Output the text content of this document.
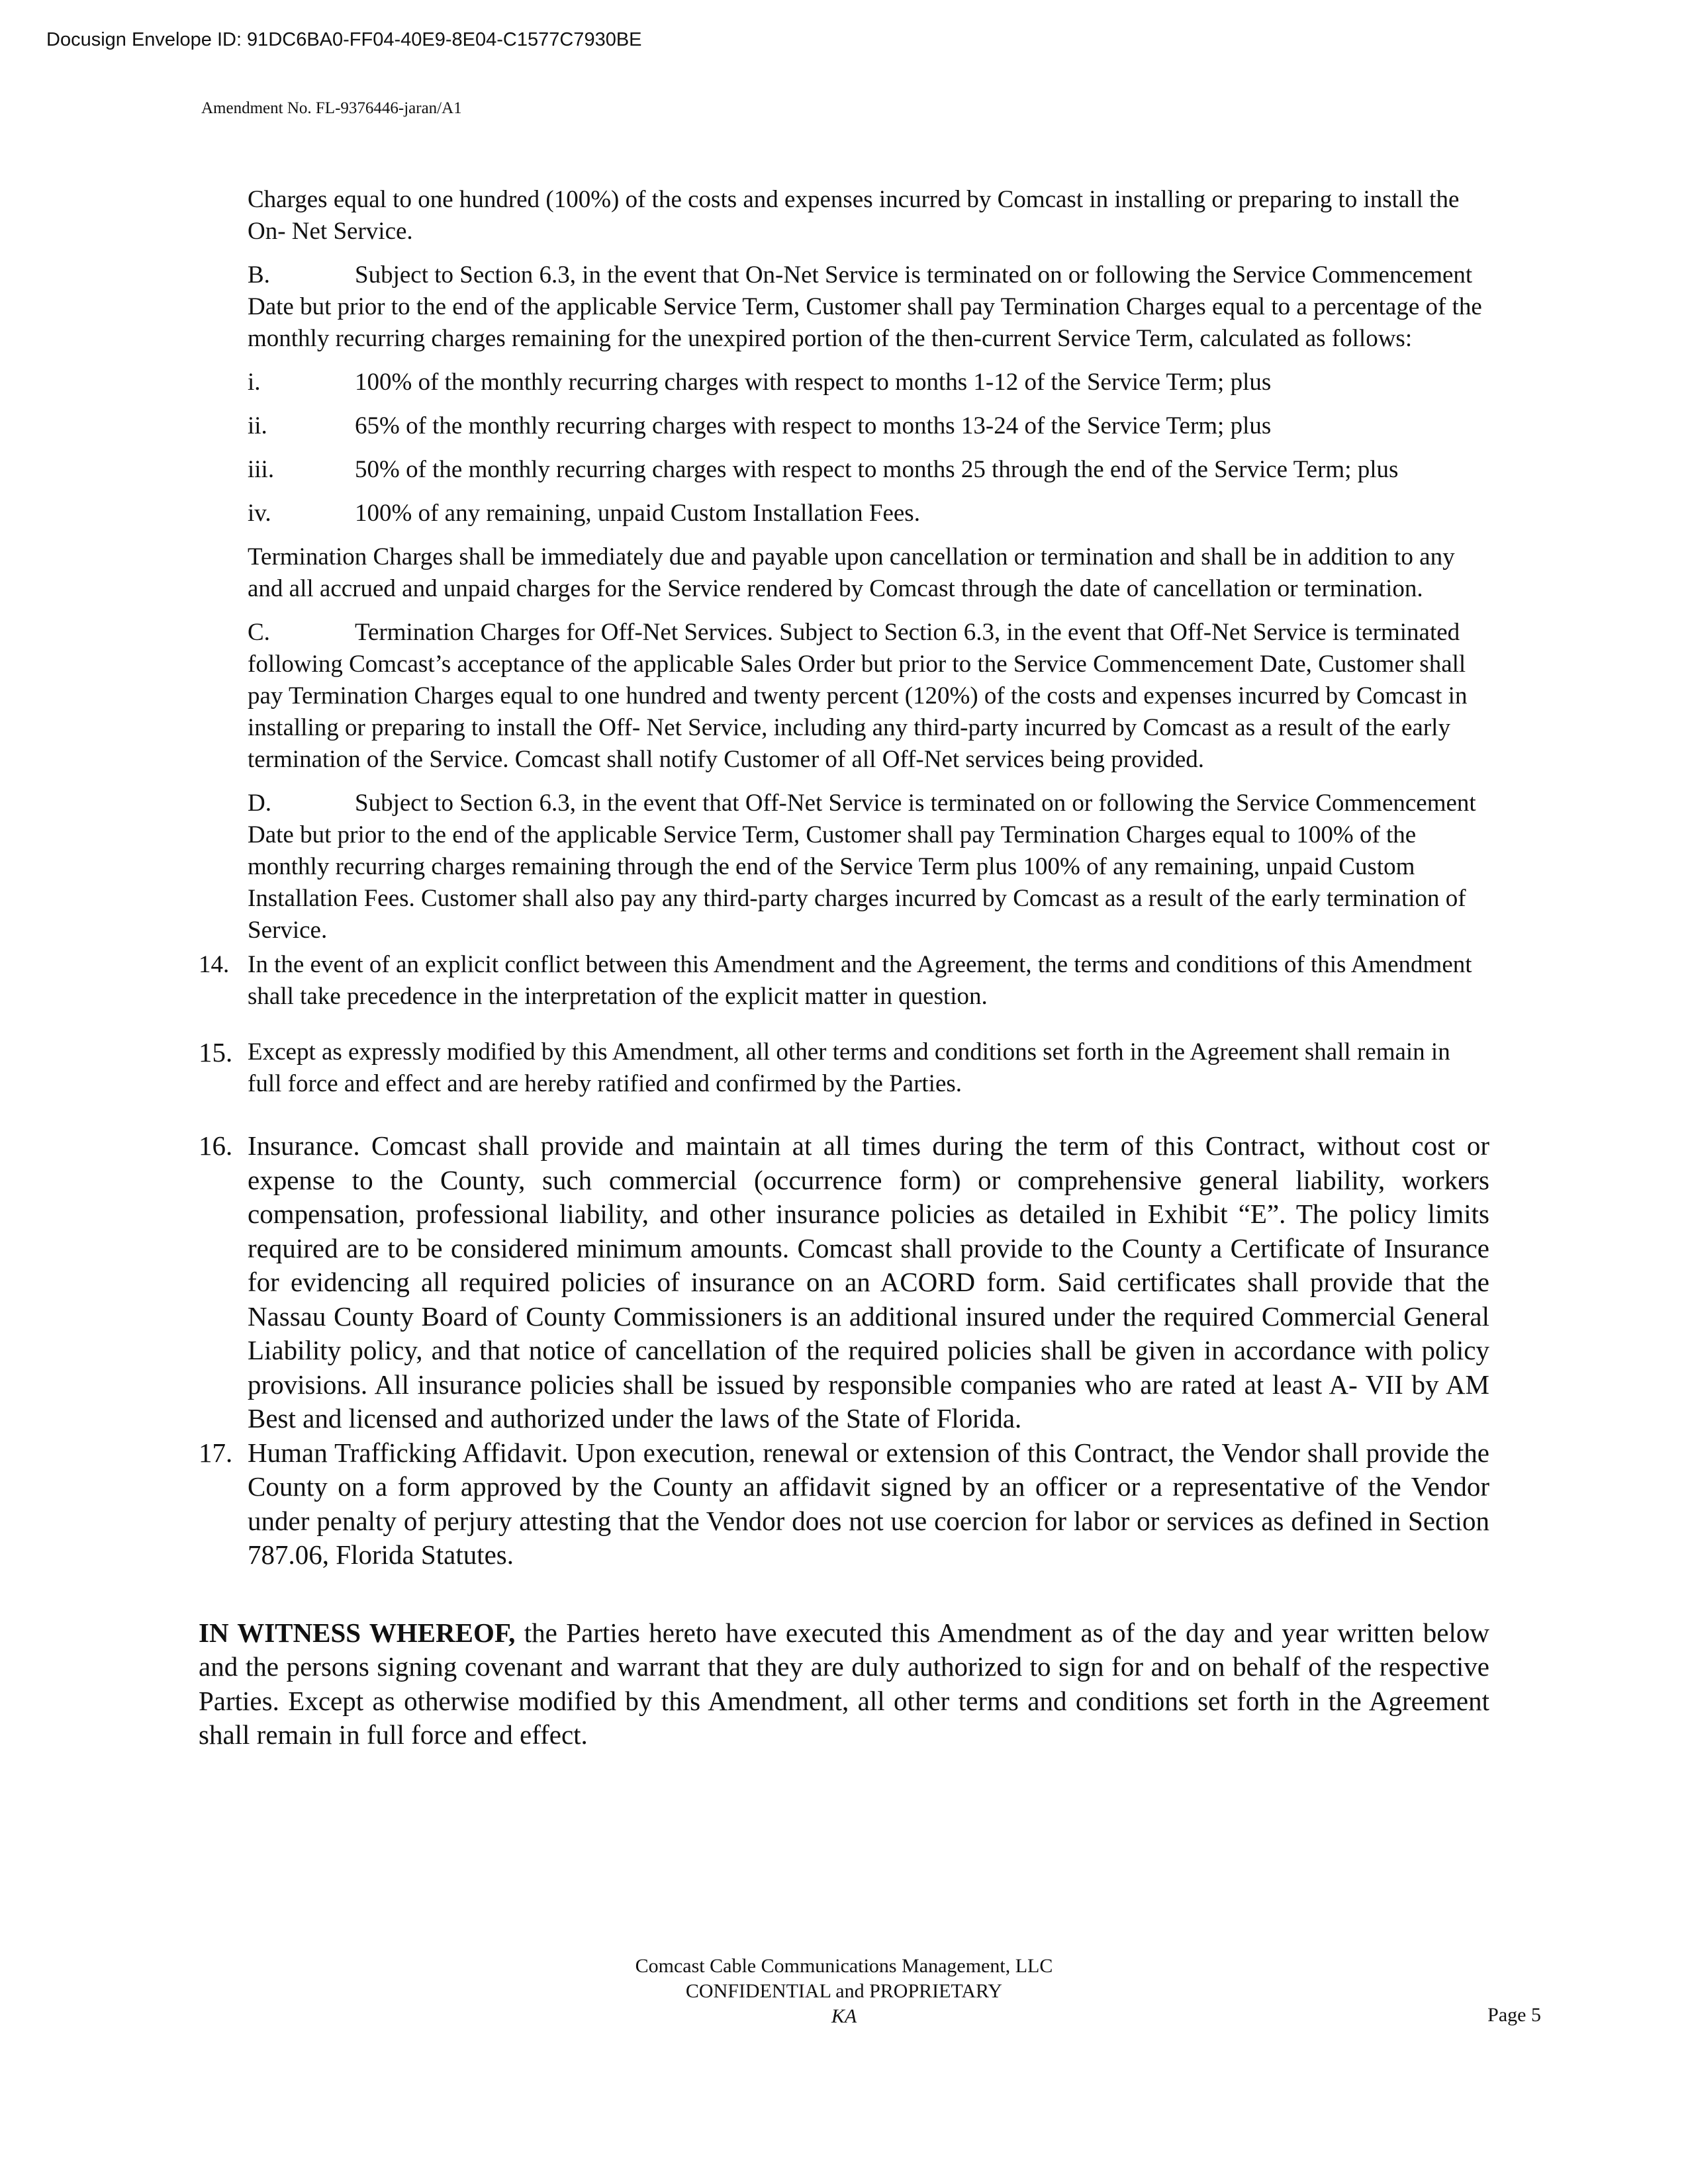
Docusign Envelope ID: 91DC6BA0-FF04-40E9-8E04-C1577C7930BE
Amendment No. FL-9376446-jaran/A1

Charges equal to one hundred (100%) of the costs and expenses incurred by Comcast in installing or preparing to install the On- Net Service.

B.	Subject to Section 6.3, in the event that On-Net Service is terminated on or following the Service Commencement Date but prior to the end of the applicable Service Term, Customer shall pay Termination Charges equal to a percentage of the monthly recurring charges remaining for the unexpired portion of the then-current Service Term, calculated as follows:

i.	100% of the monthly recurring charges with respect to months 1-12 of the Service Term; plus
ii.	65% of the monthly recurring charges with respect to months 13-24 of the Service Term; plus
iii.	50% of the monthly recurring charges with respect to months 25 through the end of the Service Term; plus
iv.	100% of any remaining, unpaid Custom Installation Fees.

Termination Charges shall be immediately due and payable upon cancellation or termination and shall be in addition to any and all accrued and unpaid charges for the Service rendered by Comcast through the date of cancellation or termination.

C.	Termination Charges for Off-Net Services. Subject to Section 6.3, in the event that Off-Net Service is terminated following Comcast’s acceptance of the applicable Sales Order but prior to the Service Commencement Date, Customer shall pay Termination Charges equal to one hundred and twenty percent (120%) of the costs and expenses incurred by Comcast in installing or preparing to install the Off- Net Service, including any third-party incurred by Comcast as a result of the early termination of the Service. Comcast shall notify Customer of all Off-Net services being provided.

D.	Subject to Section 6.3, in the event that Off-Net Service is terminated on or following the Service Commencement Date but prior to the end of the applicable Service Term, Customer shall pay Termination Charges equal to 100% of the monthly recurring charges remaining through the end of the Service Term plus 100% of any remaining, unpaid Custom Installation Fees. Customer shall also pay any third-party charges incurred by Comcast as a result of the early termination of Service.

14. In the event of an explicit conflict between this Amendment and the Agreement, the terms and conditions of this Amendment shall take precedence in the interpretation of the explicit matter in question.
15. Except as expressly modified by this Amendment, all other terms and conditions set forth in the Agreement shall remain in full force and effect and are hereby ratified and confirmed by the Parties.
16. Insurance. Comcast shall provide and maintain at all times during the term of this Contract, without cost or expense to the County, such commercial (occurrence form) or comprehensive general liability, workers compensation, professional liability, and other insurance policies as detailed in Exhibit “E”. The policy limits required are to be considered minimum amounts. Comcast shall provide to the County a Certificate of Insurance for evidencing all required policies of insurance on an ACORD form. Said certificates shall provide that the Nassau County Board of County Commissioners is an additional insured under the required Commercial General Liability policy, and that notice of cancellation of the required policies shall be given in accordance with policy provisions. All insurance policies shall be issued by responsible companies who are rated at least A- VII by AM Best and licensed and authorized under the laws of the State of Florida.
17. Human Trafficking Affidavit. Upon execution, renewal or extension of this Contract, the Vendor shall provide the County on a form approved by the County an affidavit signed by an officer or a representative of the Vendor under penalty of perjury attesting that the Vendor does not use coercion for labor or services as defined in Section 787.06, Florida Statutes.

IN WITNESS WHEREOF, the Parties hereto have executed this Amendment as of the day and year written below and the persons signing covenant and warrant that they are duly authorized to sign for and on behalf of the respective Parties. Except as otherwise modified by this Amendment, all other terms and conditions set forth in the Agreement shall remain in full force and effect.

Comcast Cable Communications Management, LLC
CONFIDENTIAL and PROPRIETARY
KA	Page 5
